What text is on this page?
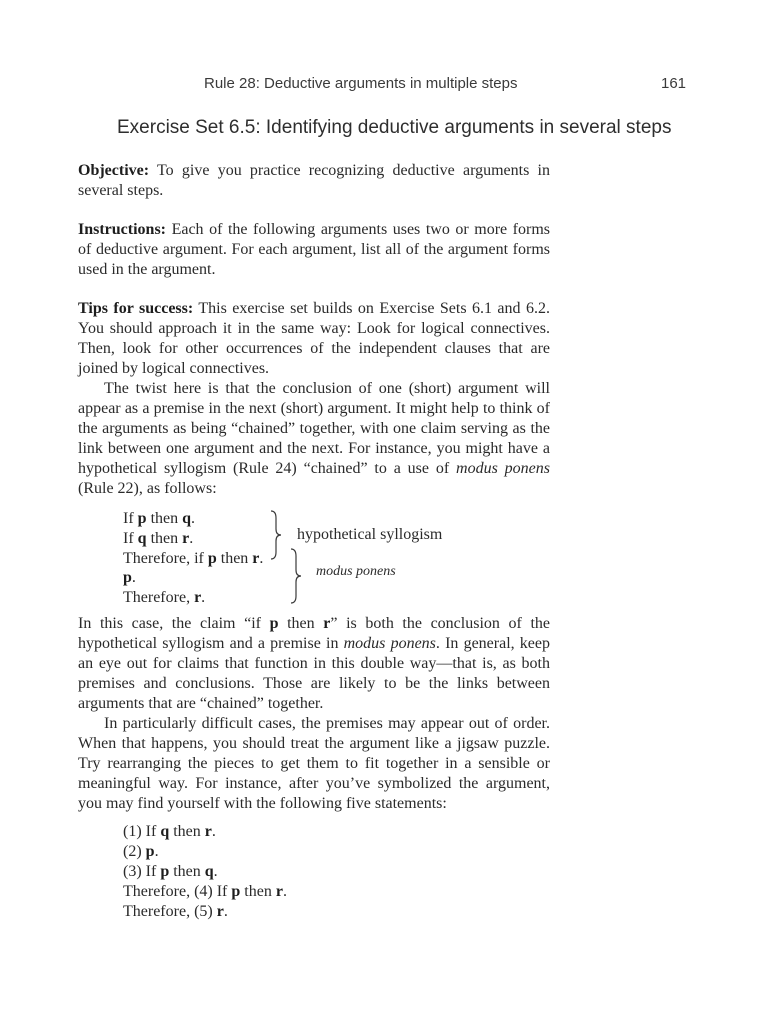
Rule 28: Deductive arguments in multiple steps	161
Exercise Set 6.5: Identifying deductive arguments in several steps

Objective: To give you practice recognizing deductive arguments in several steps.

Instructions: Each of the following arguments uses two or more forms of deductive argument. For each argument, list all of the argument forms used in the argument.

Tips for success: This exercise set builds on Exercise Sets 6.1 and 6.2. You should approach it in the same way: Look for logical connectives. Then, look for other occurrences of the independent clauses that are joined by logical connectives.

The twist here is that the conclusion of one (short) argument will appear as a premise in the next (short) argument. It might help to think of the arguments as being “chained” together, with one claim serving as the link between one argument and the next. For instance, you might have a hypothetical syllogism (Rule 24) “chained” to a use of modus ponens (Rule 22), as follows:

If p then q.
If q then r.
Therefore, if p then r.
p.
Therefore, r.
hypothetical syllogism
modus ponens

In this case, the claim “if p then r” is both the conclusion of the hypothetical syllogism and a premise in modus ponens. In general, keep an eye out for claims that function in this double way—that is, as both premises and conclusions. Those are likely to be the links between arguments that are “chained” together.

In particularly difficult cases, the premises may appear out of order. When that happens, you should treat the argument like a jigsaw puzzle. Try rearranging the pieces to get them to fit together in a sensible or meaningful way. For instance, after you’ve symbolized the argument, you may find yourself with the following five statements:

(1) If q then r.
(2) p.
(3) If p then q.
Therefore, (4) If p then r.
Therefore, (5) r.
